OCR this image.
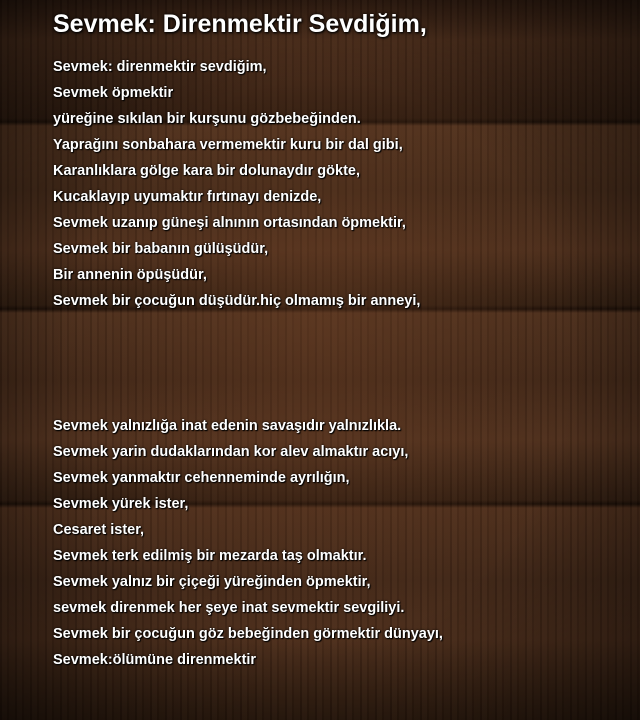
Sevmek: Direnmektir Sevdiğim,
Sevmek: direnmektir sevdiğim,
Sevmek öpmektir
yüreğine sıkılan bir kurşunu gözbebeğinden.
Yaprağını sonbahara vermemektir kuru bir dal gibi,
Karanlıklara gölge kara bir dolunaydır gökte,
Kucaklayıp uyumaktır fırtınayı denizde,
Sevmek uzanıp güneşi alnının ortasından öpmektir,
Sevmek bir babanın gülüşüdür,
Bir annenin öpüşüdür,
Sevmek bir çocuğun düşüdür.hiç olmamış bir anneyi,
Sevmek yalnızlığa inat edenin savaşıdır yalnızlıkla.
Sevmek yarin dudaklarından kor alev almaktır acıyı,
Sevmek yanmaktır cehenneminde ayrılığın,
Sevmek yürek ister,
Cesaret ister,
Sevmek terk edilmiş bir mezarda taş olmaktır.
Sevmek yalnız bir çiçeği yüreğinden öpmektir,
sevmek direnmek her şeye inat sevmektir sevgiliyi.
Sevmek bir çocuğun göz bebeğinden görmektir dünyayı,
Sevmek:ölümüne direnmektir
